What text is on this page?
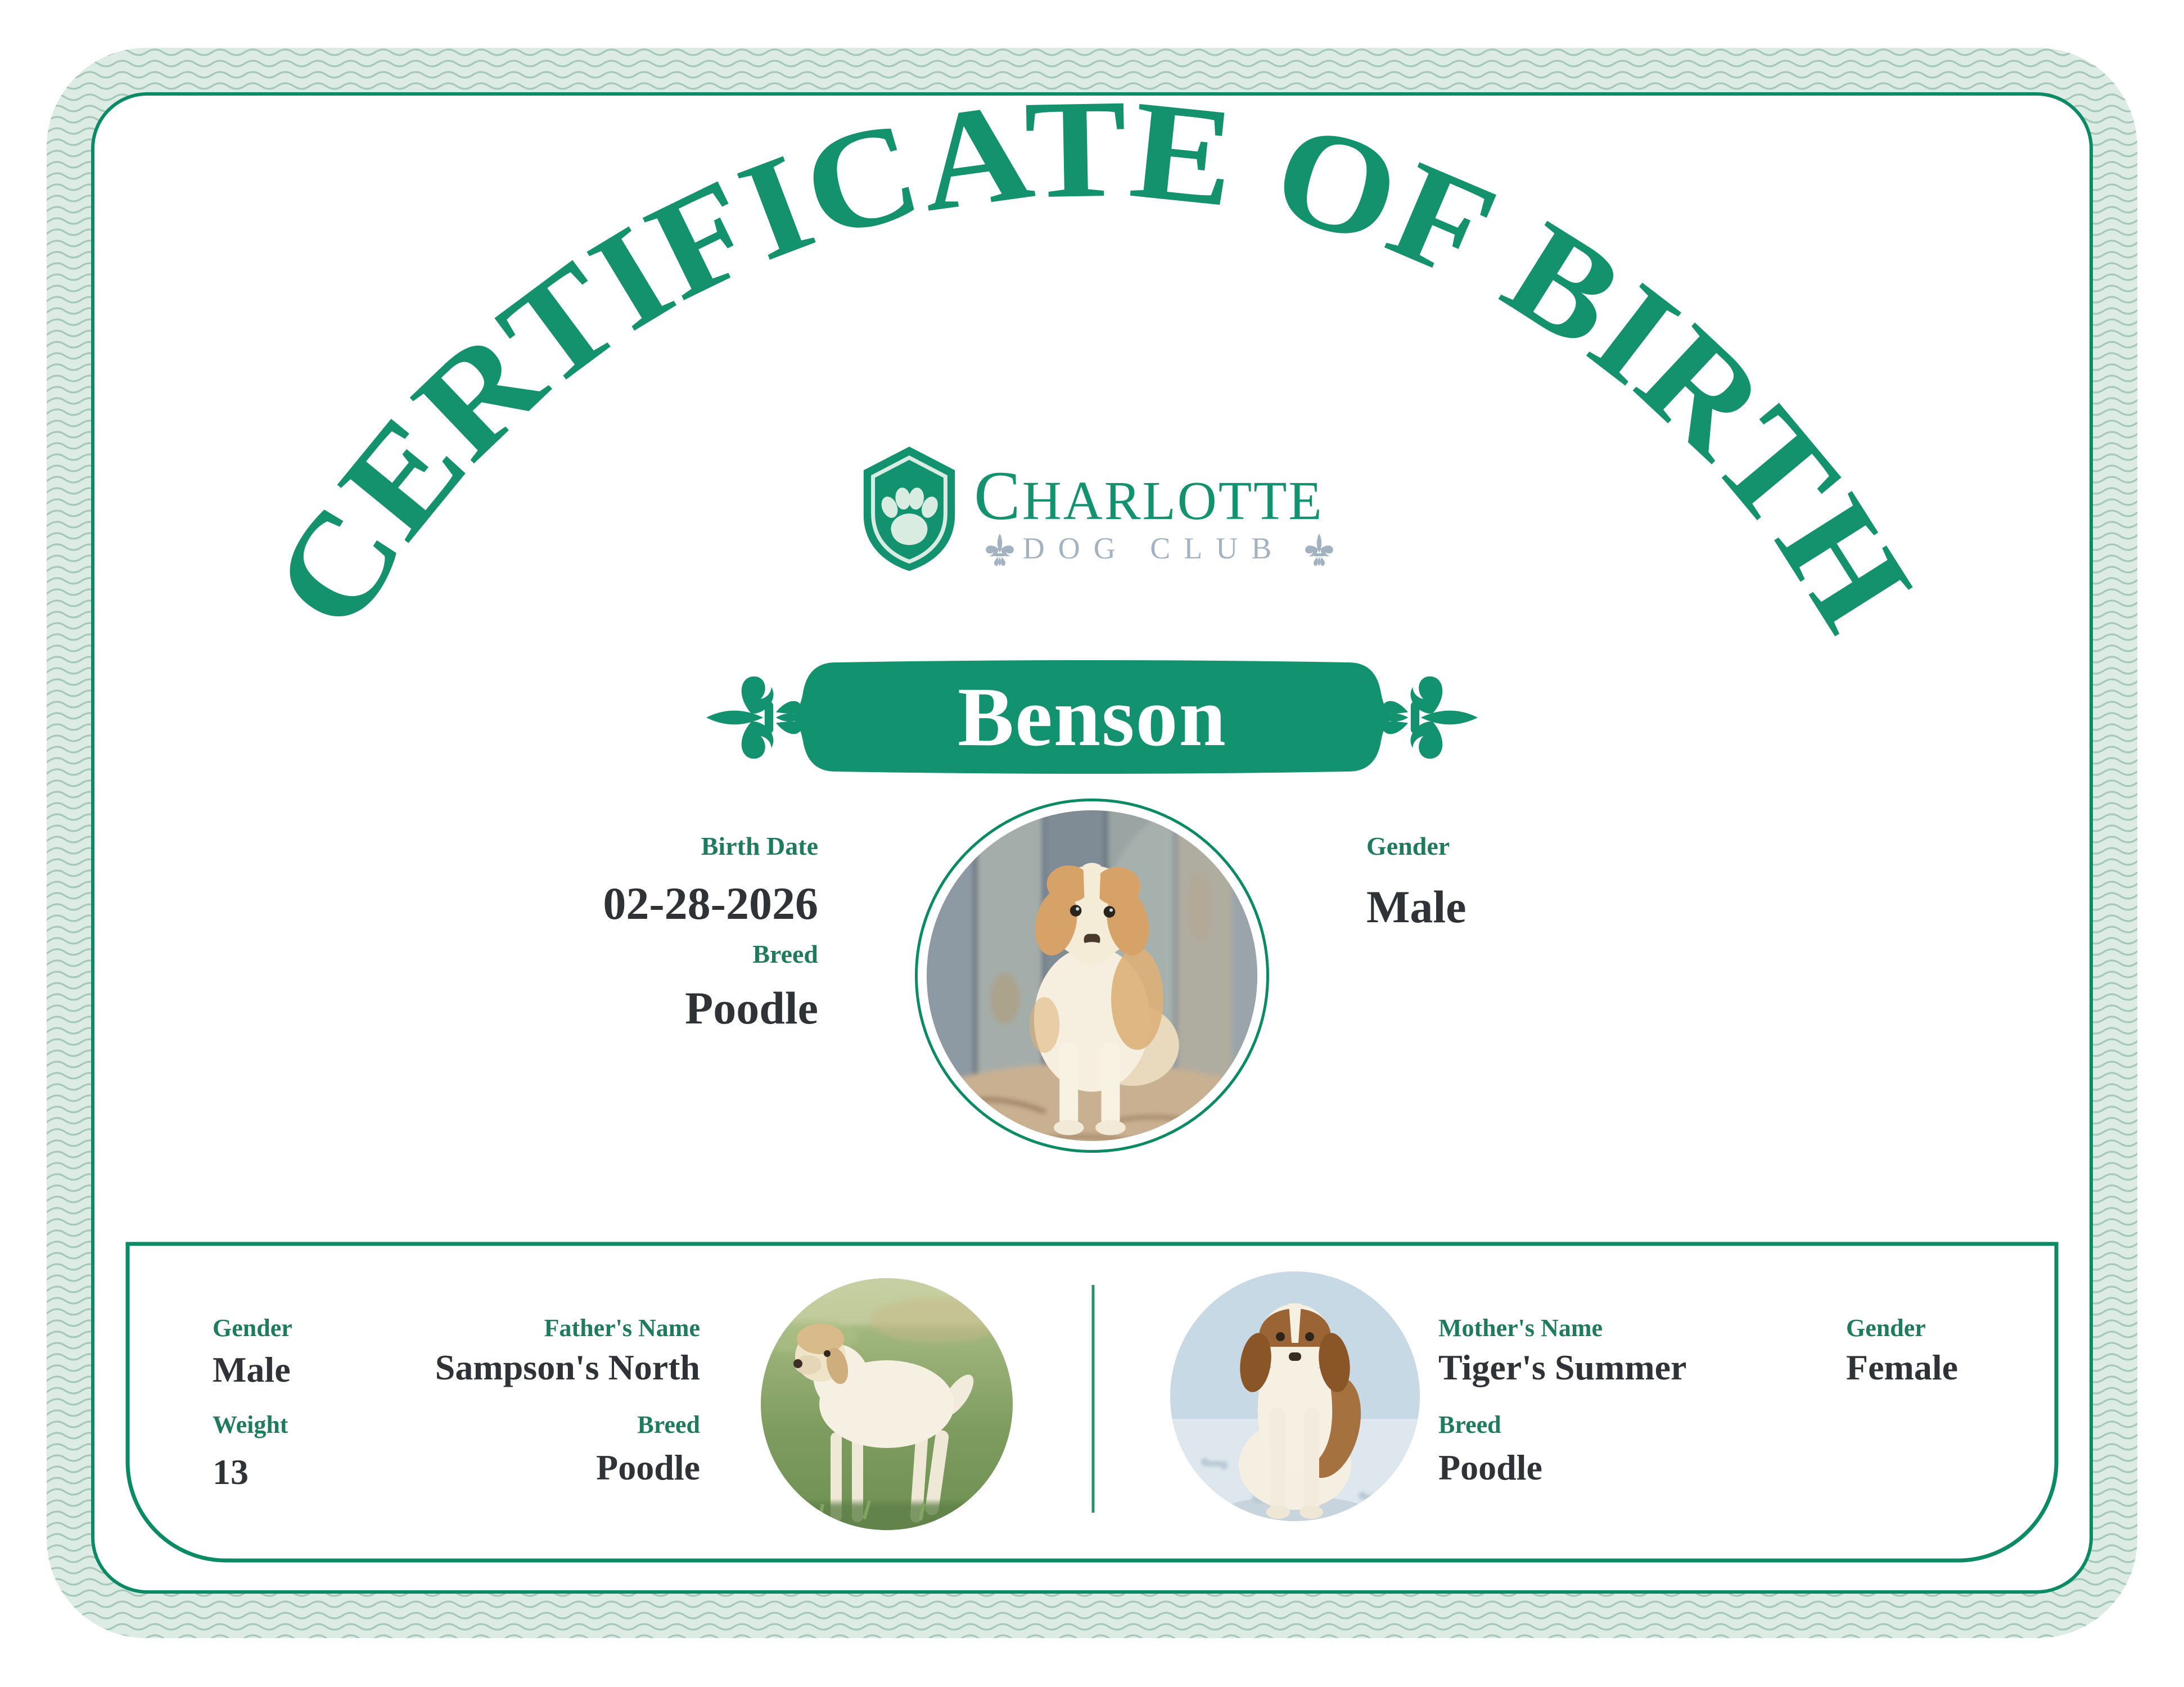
CERTIFICATE OF BIRTH
CHARLOTTE
DOG CLUB
Benson
Birth Date
02-28-2026
Breed
Poodle
Gender
Male
Gender
Male
Weight
13
Father's Name
Sampson's North
Breed
Poodle
Mother's Name
Tiger's Summer
Breed
Poodle
Gender
Female
